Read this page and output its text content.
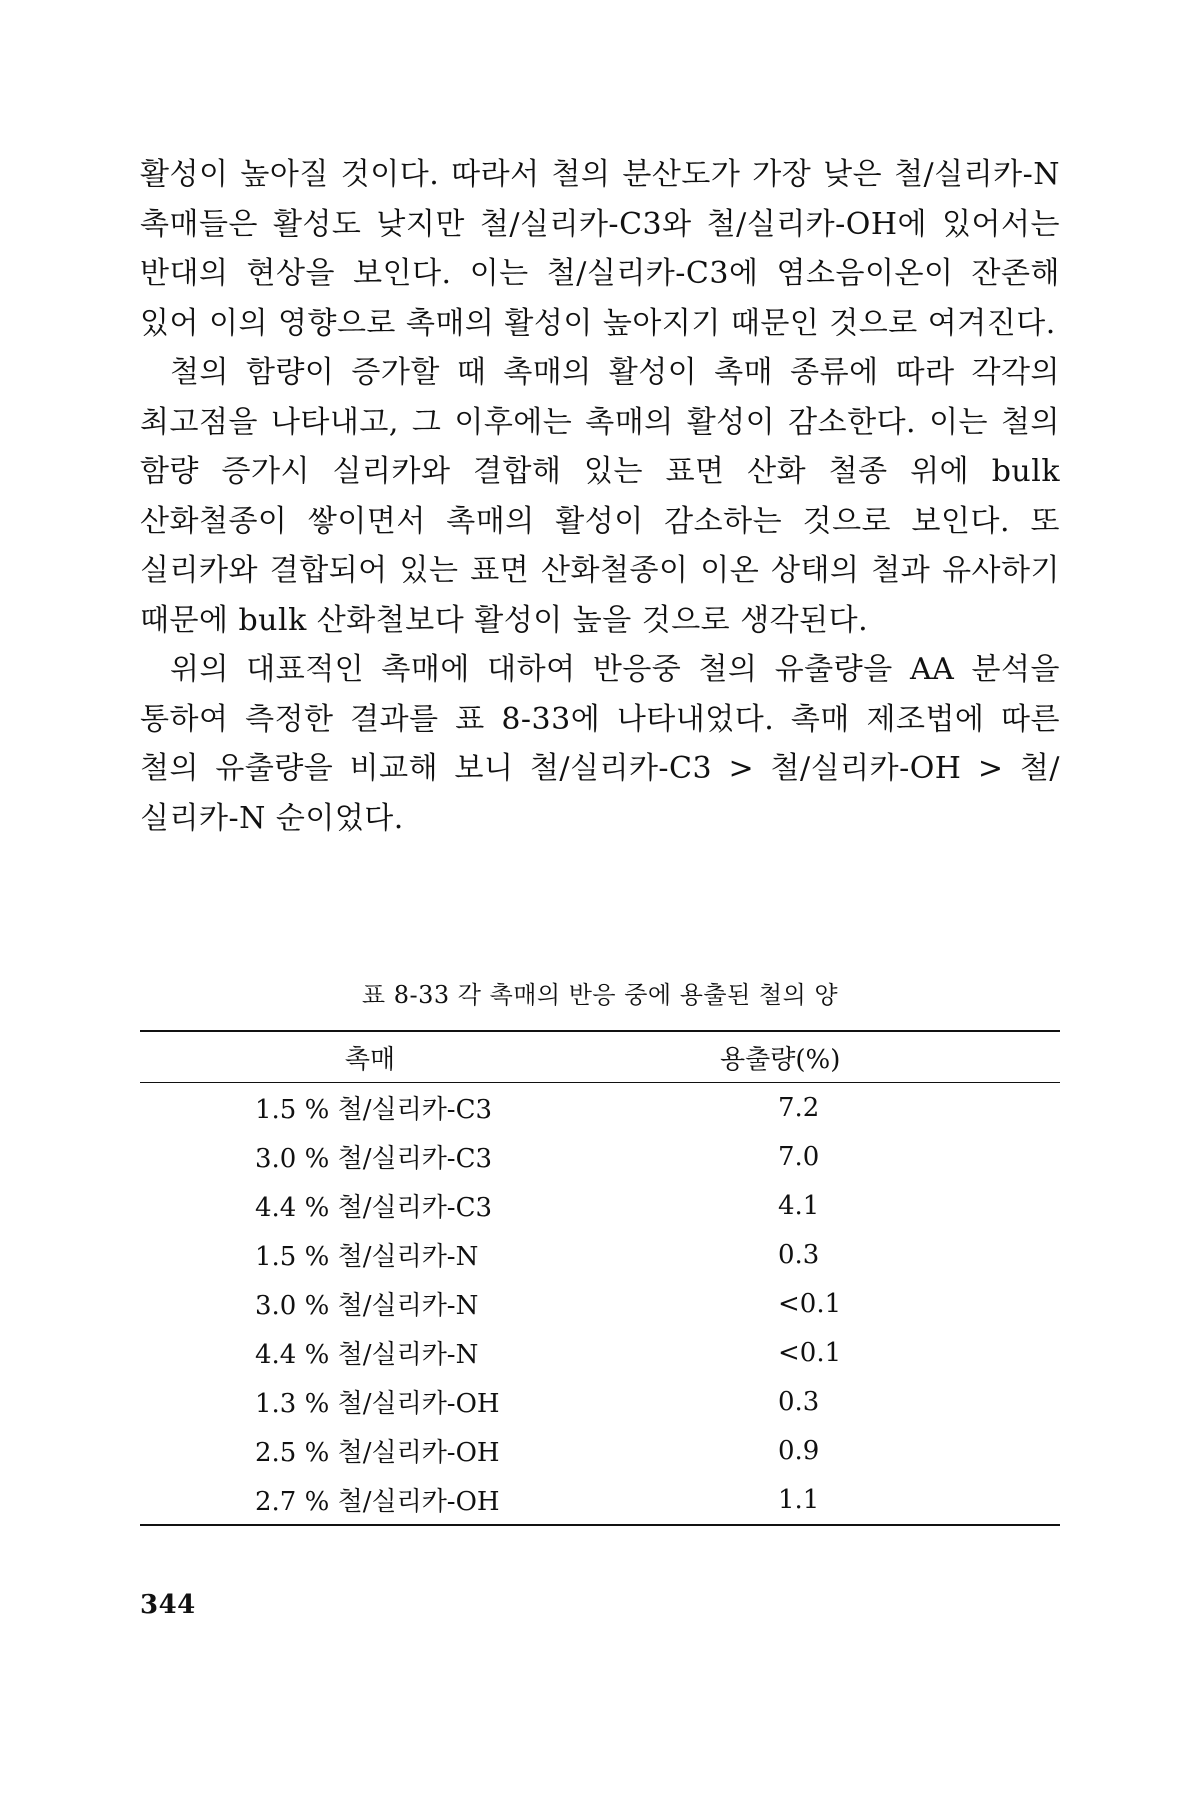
활성이 높아질 것이다. 따라서 철의 분산도가 가장 낮은 철/실리카-N 촉매들은 활성도 낮지만 철/실리카-C3와 철/실리카-OH에 있어서는 반대의 현상을 보인다. 이는 철/실리카-C3에 염소음이온이 잔존해 있어 이의 영향으로 촉매의 활성이 높아지기 때문인 것으로 여겨진다.

철의 함량이 증가할 때 촉매의 활성이 촉매 종류에 따라 각각의 최고점을 나타내고, 그 이후에는 촉매의 활성이 감소한다. 이는 철의 함량 증가시 실리카와 결합해 있는 표면 산화 철종 위에 bulk 산화철종이 쌓이면서 촉매의 활성이 감소하는 것으로 보인다. 또 실리카와 결합되어 있는 표면 산화철종이 이온 상태의 철과 유사하기 때문에 bulk 산화철보다 활성이 높을 것으로 생각된다.

위의 대표적인 촉매에 대하여 반응중 철의 유출량을 AA 분석을 통하여 측정한 결과를 표 8-33에 나타내었다. 촉매 제조법에 따른 철의 유출량을 비교해 보니 철/실리카-C3 > 철/실리카-OH > 철/실리카-N 순이었다.

표 8-33 각 촉매의 반응 중에 용출된 철의 양
촉매	용출량(%)
1.5 % 철/실리카-C3	7.2
3.0 % 철/실리카-C3	7.0
4.4 % 철/실리카-C3	4.1
1.5 % 철/실리카-N	0.3
3.0 % 철/실리카-N	<0.1
4.4 % 철/실리카-N	<0.1
1.3 % 철/실리카-OH	0.3
2.5 % 철/실리카-OH	0.9
2.7 % 철/실리카-OH	1.1
344
